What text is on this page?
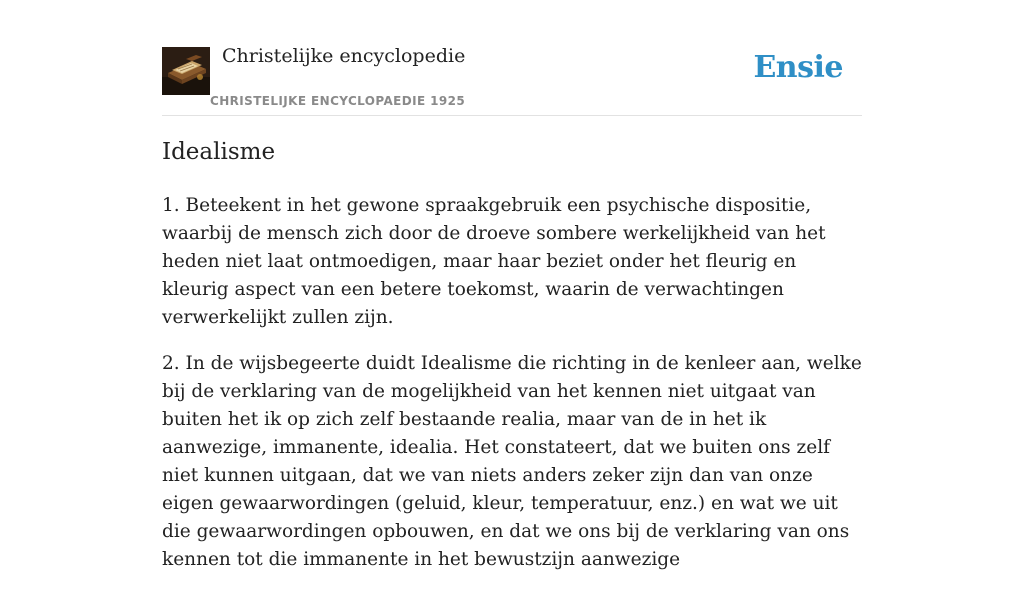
Christelijke encyclopedie
CHRISTELIJKE ENCYCLOPAEDIE 1925
Ensie
Idealisme

1. Beteekent in het gewone spraakgebruik een psychische dispositie, waarbij de mensch zich door de droeve sombere werkelijkheid van het heden niet laat ontmoedigen, maar haar beziet onder het fleurig en kleurig aspect van een betere toekomst, waarin de verwachtingen verwerkelijkt zullen zijn.

2. In de wijsbegeerte duidt Idealisme die richting in de kenleer aan, welke bij de verklaring van de mogelijkheid van het kennen niet uitgaat van buiten het ik op zich zelf bestaande realia, maar van de in het ik aanwezige, immanente, idealia. Het constateert, dat we buiten ons zelf niet kunnen uitgaan, dat we van niets anders zeker zijn dan van onze eigen gewaarwordingen (geluid, kleur, temperatuur, enz.) en wat we uit die gewaarwordingen opbouwen, en dat we ons bij de verklaring van ons kennen tot die immanente in het bewustzijn aanwezige
